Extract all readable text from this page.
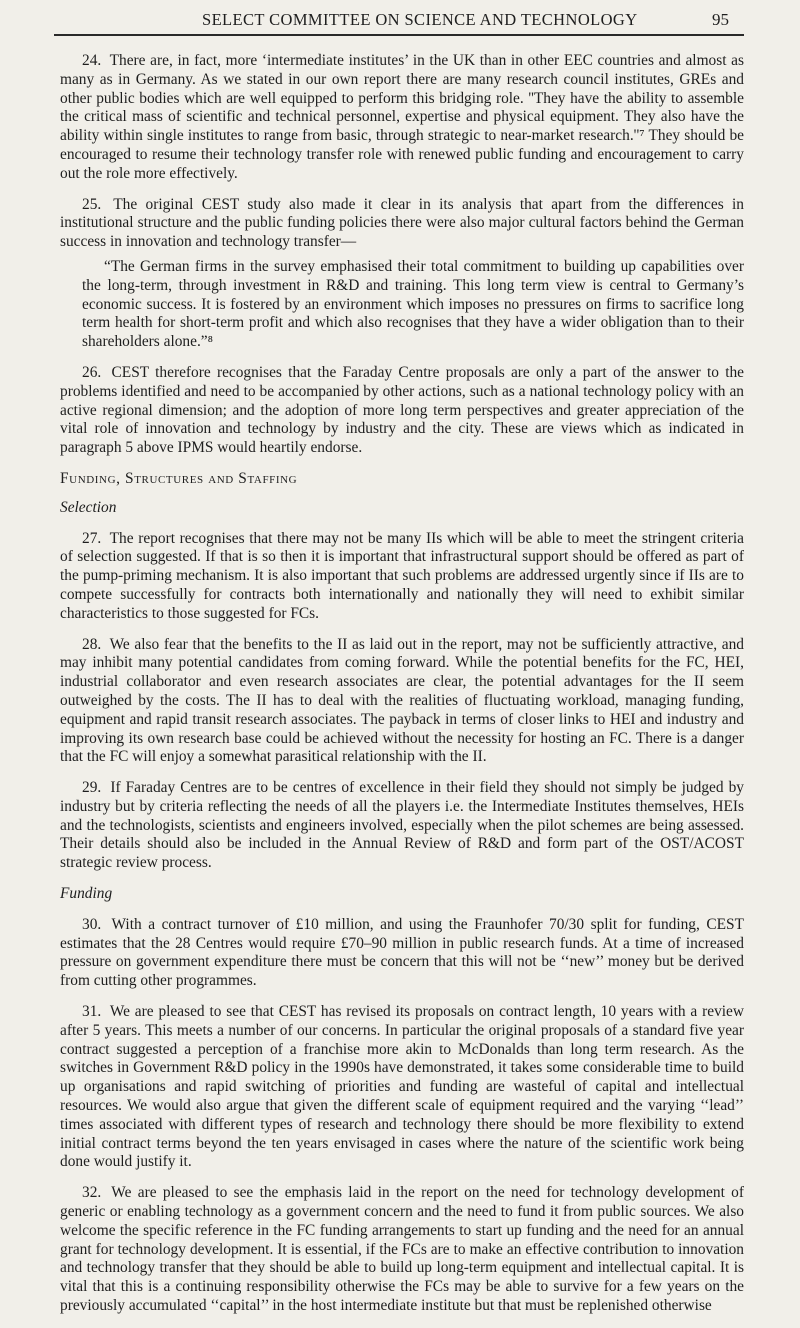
SELECT COMMITTEE ON SCIENCE AND TECHNOLOGY	95

24. There are, in fact, more ‘intermediate institutes’ in the UK than in other EEC countries and almost as many as in Germany. As we stated in our own report there are many research council institutes, GREs and other public bodies which are well equipped to perform this bridging role. ''They have the ability to assemble the critical mass of scientific and technical personnel, expertise and physical equipment. They also have the ability within single institutes to range from basic, through strategic to near-market research.''⁷ They should be encouraged to resume their technology transfer role with renewed public funding and encouragement to carry out the role more effectively.

25. The original CEST study also made it clear in its analysis that apart from the differences in institutional structure and the public funding policies there were also major cultural factors behind the German success in innovation and technology transfer—

“The German firms in the survey emphasised their total commitment to building up capabilities over the long-term, through investment in R&D and training. This long term view is central to Germany’s economic success. It is fostered by an environment which imposes no pressures on firms to sacrifice long term health for short-term profit and which also recognises that they have a wider obligation than to their shareholders alone.”⁸

26. CEST therefore recognises that the Faraday Centre proposals are only a part of the answer to the problems identified and need to be accompanied by other actions, such as a national technology policy with an active regional dimension; and the adoption of more long term perspectives and greater appreciation of the vital role of innovation and technology by industry and the city. These are views which as indicated in paragraph 5 above IPMS would heartily endorse.

Funding, Structures and Staffing
Selection

27. The report recognises that there may not be many IIs which will be able to meet the stringent criteria of selection suggested. If that is so then it is important that infrastructural support should be offered as part of the pump-priming mechanism. It is also important that such problems are addressed urgently since if IIs are to compete successfully for contracts both internationally and nationally they will need to exhibit similar characteristics to those suggested for FCs.

28. We also fear that the benefits to the II as laid out in the report, may not be sufficiently attractive, and may inhibit many potential candidates from coming forward. While the potential benefits for the FC, HEI, industrial collaborator and even research associates are clear, the potential advantages for the II seem outweighed by the costs. The II has to deal with the realities of fluctuating workload, managing funding, equipment and rapid transit research associates. The payback in terms of closer links to HEI and industry and improving its own research base could be achieved without the necessity for hosting an FC. There is a danger that the FC will enjoy a somewhat parasitical relationship with the II.

29. If Faraday Centres are to be centres of excellence in their field they should not simply be judged by industry but by criteria reflecting the needs of all the players i.e. the Intermediate Institutes themselves, HEIs and the technologists, scientists and engineers involved, especially when the pilot schemes are being assessed. Their details should also be included in the Annual Review of R&D and form part of the OST/ACOST strategic review process.

Funding

30. With a contract turnover of £10 million, and using the Fraunhofer 70/30 split for funding, CEST estimates that the 28 Centres would require £70–90 million in public research funds. At a time of increased pressure on government expenditure there must be concern that this will not be ‘‘new’’ money but be derived from cutting other programmes.

31. We are pleased to see that CEST has revised its proposals on contract length, 10 years with a review after 5 years. This meets a number of our concerns. In particular the original proposals of a standard five year contract suggested a perception of a franchise more akin to McDonalds than long term research. As the switches in Government R&D policy in the 1990s have demonstrated, it takes some considerable time to build up organisations and rapid switching of priorities and funding are wasteful of capital and intellectual resources. We would also argue that given the different scale of equipment required and the varying ‘‘lead’’ times associated with different types of research and technology there should be more flexibility to extend initial contract terms beyond the ten years envisaged in cases where the nature of the scientific work being done would justify it.

32. We are pleased to see the emphasis laid in the report on the need for technology development of generic or enabling technology as a government concern and the need to fund it from public sources. We also welcome the specific reference in the FC funding arrangements to start up funding and the need for an annual grant for technology development. It is essential, if the FCs are to make an effective contribution to innovation and technology transfer that they should be able to build up long-term equipment and intellectual capital. It is vital that this is a continuing responsibility otherwise the FCs may be able to survive for a few years on the previously accumulated ‘‘capital’’ in the host intermediate institute but that must be replenished otherwise
